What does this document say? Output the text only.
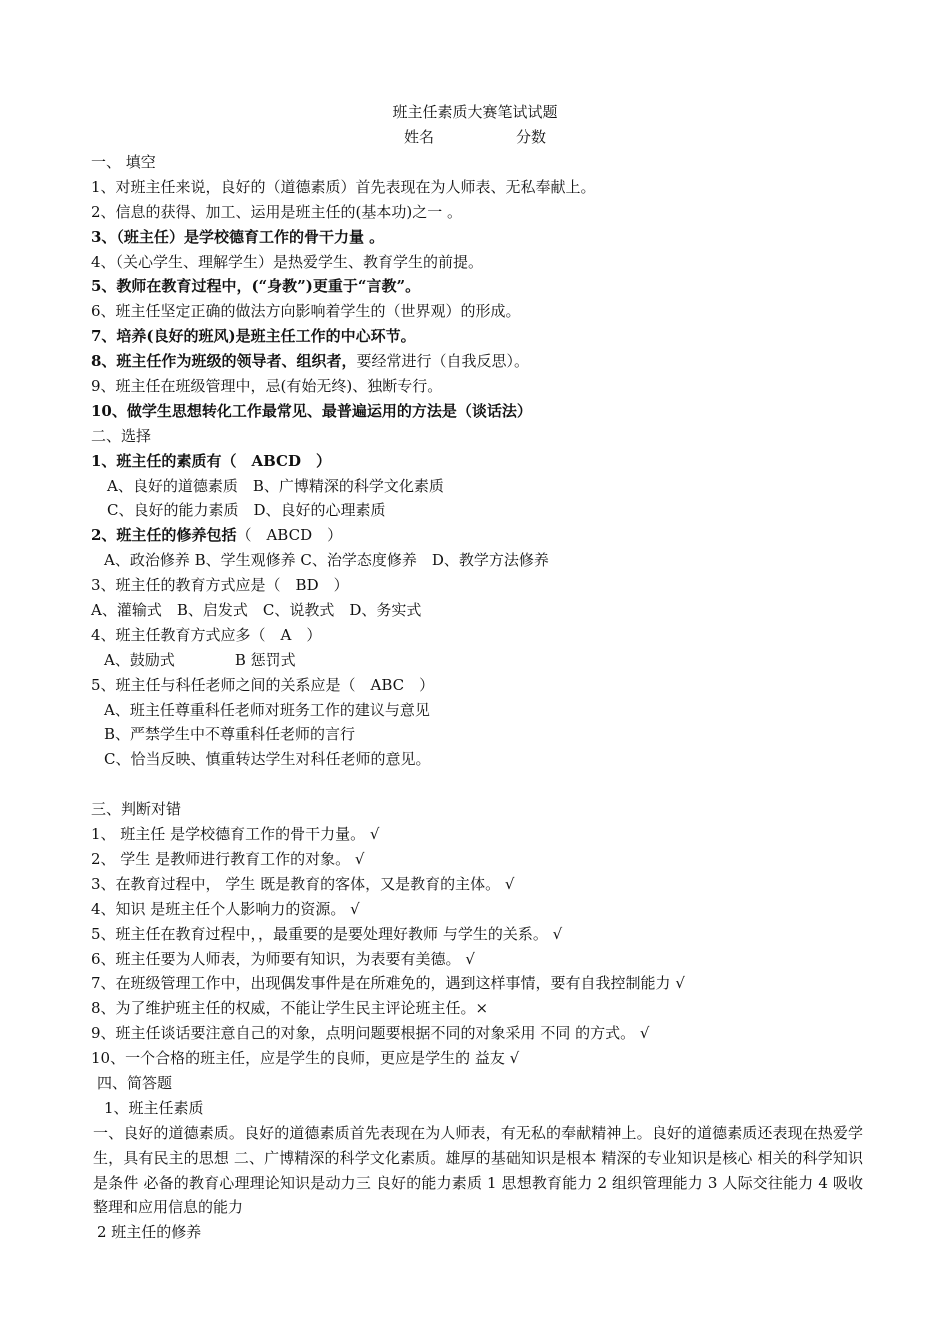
班主任素质大赛笔试试题
姓名	分数
一、 填空
1、对班主任来说，良好的（道德素质）首先表现在为人师表、无私奉献上。
2、信息的获得、加工、运用是班主任的(基本功)之一 。
3、（班主任）是学校德育工作的骨干力量 。
4、（关心学生、理解学生）是热爱学生、教育学生的前提。
5、教师在教育过程中，(“身教”)更重于“言教”。
6、班主任坚定正确的做法方向影响着学生的（世界观）的形成。
7、培养(良好的班风)是班主任工作的中心环节。
8、班主任作为班级的领导者、组织者，要经常进行（自我反思）。
9、班主任在班级管理中，忌(有始无终)、独断专行。
10、做学生思想转化工作最常见、最普遍运用的方法是（谈话法）
二、选择
1、班主任的素质有（　ABCD　）
A、良好的道德素质　B、广博精深的科学文化素质
C、良好的能力素质　D、良好的心理素质
2、班主任的修养包括（　ABCD　）
A、政治修养 B、学生观修养 C、治学态度修养　D、教学方法修养
3、班主任的教育方式应是（　BD　）
A、灌输式　B、启发式　C、说教式　D、务实式
4、班主任教育方式应多（　A　）
A、鼓励式　　　　B 惩罚式
5、班主任与科任老师之间的关系应是（　ABC　）
A、班主任尊重科任老师对班务工作的建议与意见
B、严禁学生中不尊重科任老师的言行
C、恰当反映、慎重转达学生对科任老师的意见。
三、判断对错
1、 班主任 是学校德育工作的骨干力量。 √
2、 学生 是教师进行教育工作的对象。 √
3、在教育过程中， 学生 既是教育的客体，又是教育的主体。 √
4、知识 是班主任个人影响力的资源。 √
5、班主任在教育过程中，，最重要的是要处理好教师 与学生的关系。 √
6、班主任要为人师表，为师要有知识，为表要有美德。 √
7、在班级管理工作中，出现偶发事件是在所难免的，遇到这样事情，要有自我控制能力 √
8、为了维护班主任的权威，不能让学生民主评论班主任。×
9、班主任谈话要注意自己的对象，点明问题要根据不同的对象采用 不同 的方式。 √
10、一个合格的班主任，应是学生的良师，更应是学生的 益友 √
四、简答题
1、班主任素质
一、良好的道德素质。良好的道德素质首先表现在为人师表，有无私的奉献精神上。良好的道德素质还表现在热爱学生，具有民主的思想 二、广博精深的科学文化素质。雄厚的基础知识是根本 精深的专业知识是核心 相关的科学知识是条件 必备的教育心理理论知识是动力三 良好的能力素质 1 思想教育能力 2 组织管理能力 3 人际交往能力 4 吸收整理和应用信息的能力
2 班主任的修养
